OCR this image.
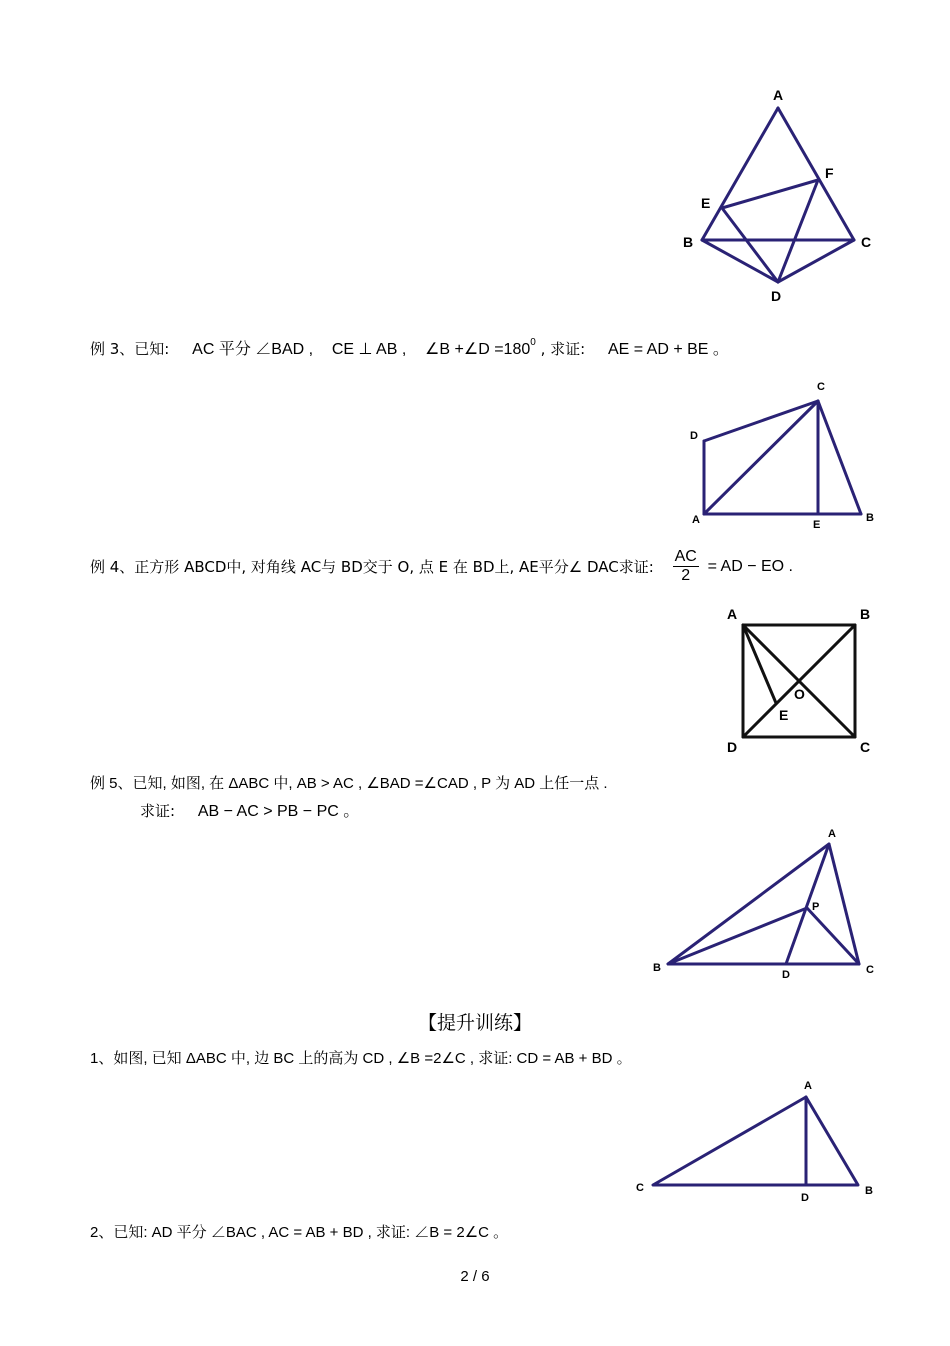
A
F
E
B	C
D
例 3、已知: AC 平分 ∠BAD , CE ⊥ AB , ∠B +∠D $=180^0$ , 求证: AE = AD + BE 。
C
D
A	E
B
例 4、正方形 ABCD中, 对角线 AC与 BD交于 O, 点 E 在 BD上, AE平分∠ DAC求证: $\frac{AC}{2}$ = AD − EO .
A	B
O
E
D	C
例 5、已知, 如图, 在 ΔABC 中, AB > AC , ∠BAD =∠CAD , P 为 AD 上任一点 .
求证: AB − AC > PB − PC 。
A
P
B
D	C
【提升训练】
1、如图, 已知 ΔABC 中, 边 BC 上的高为 CD , ∠B =2∠C , 求证: CD = AB + BD 。
A
C
D
B
2、已知: AD 平分 ∠BAC , AC = AB + BD , 求证: ∠B = 2∠C 。
2 / 6
